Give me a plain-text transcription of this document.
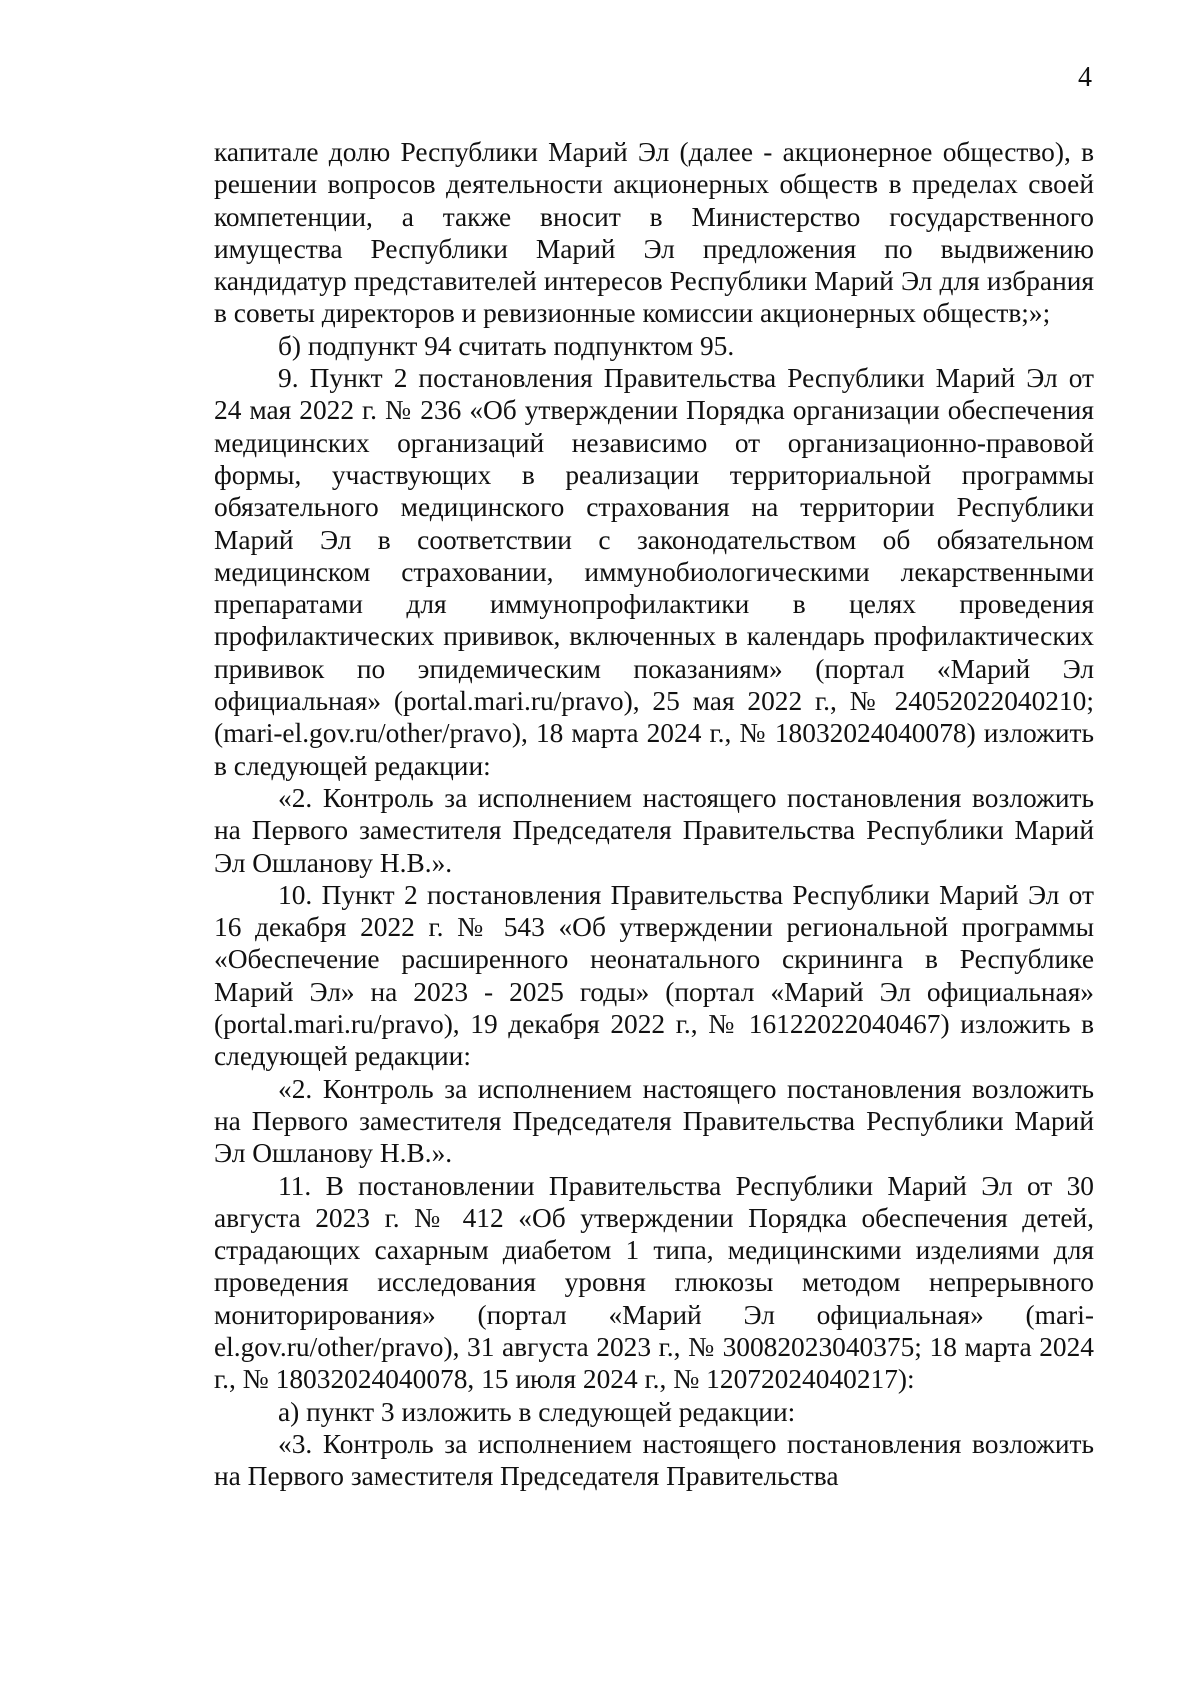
4

капитале долю Республики Марий Эл (далее - акционерное общество), в решении вопросов деятельности акционерных обществ в пределах своей компетенции, а также вносит в Министерство государственного имущества Республики Марий Эл предложения по выдвижению кандидатур представителей интересов Республики Марий Эл для избрания в советы директоров и ревизионные комиссии акционерных обществ;»;

б) подпункт 94 считать подпунктом 95.

9. Пункт 2 постановления Правительства Республики Марий Эл от 24 мая 2022 г. № 236 «Об утверждении Порядка организации обеспечения медицинских организаций независимо от организационно-правовой формы, участвующих в реализации территориальной программы обязательного медицинского страхования на территории Республики Марий Эл в соответствии с законодательством об обязательном медицинском страховании, иммунобиологическими лекарственными препаратами для иммунопрофилактики в целях проведения профилактических прививок, включенных в календарь профилактических прививок по эпидемическим показаниям» (портал «Марий Эл официальная» (portal.mari.ru/pravo), 25 мая 2022 г., № 24052022040210; (mari-el.gov.ru/other/pravo), 18 марта 2024 г., № 18032024040078) изложить в следующей редакции:

«2. Контроль за исполнением настоящего постановления возложить на Первого заместителя Председателя Правительства Республики Марий Эл Ошланову Н.В.».

10. Пункт 2 постановления Правительства Республики Марий Эл от 16 декабря 2022 г. № 543 «Об утверждении региональной программы «Обеспечение расширенного неонатального скрининга в Республике Марий Эл» на 2023 - 2025 годы» (портал «Марий Эл официальная» (portal.mari.ru/pravo), 19 декабря 2022 г., № 16122022040467) изложить в следующей редакции:

«2. Контроль за исполнением настоящего постановления возложить на Первого заместителя Председателя Правительства Республики Марий Эл Ошланову Н.В.».

11. В постановлении Правительства Республики Марий Эл от 30 августа 2023 г. № 412 «Об утверждении Порядка обеспечения детей, страдающих сахарным диабетом 1 типа, медицинскими изделиями для проведения исследования уровня глюкозы методом непрерывного мониторирования» (портал «Марий Эл официальная» (mari-el.gov.ru/other/pravo), 31 августа 2023 г., № 30082023040375; 18 марта 2024 г., № 18032024040078, 15 июля 2024 г., № 12072024040217):

а) пункт 3 изложить в следующей редакции:

«3. Контроль за исполнением настоящего постановления возложить на Первого заместителя Председателя Правительства
